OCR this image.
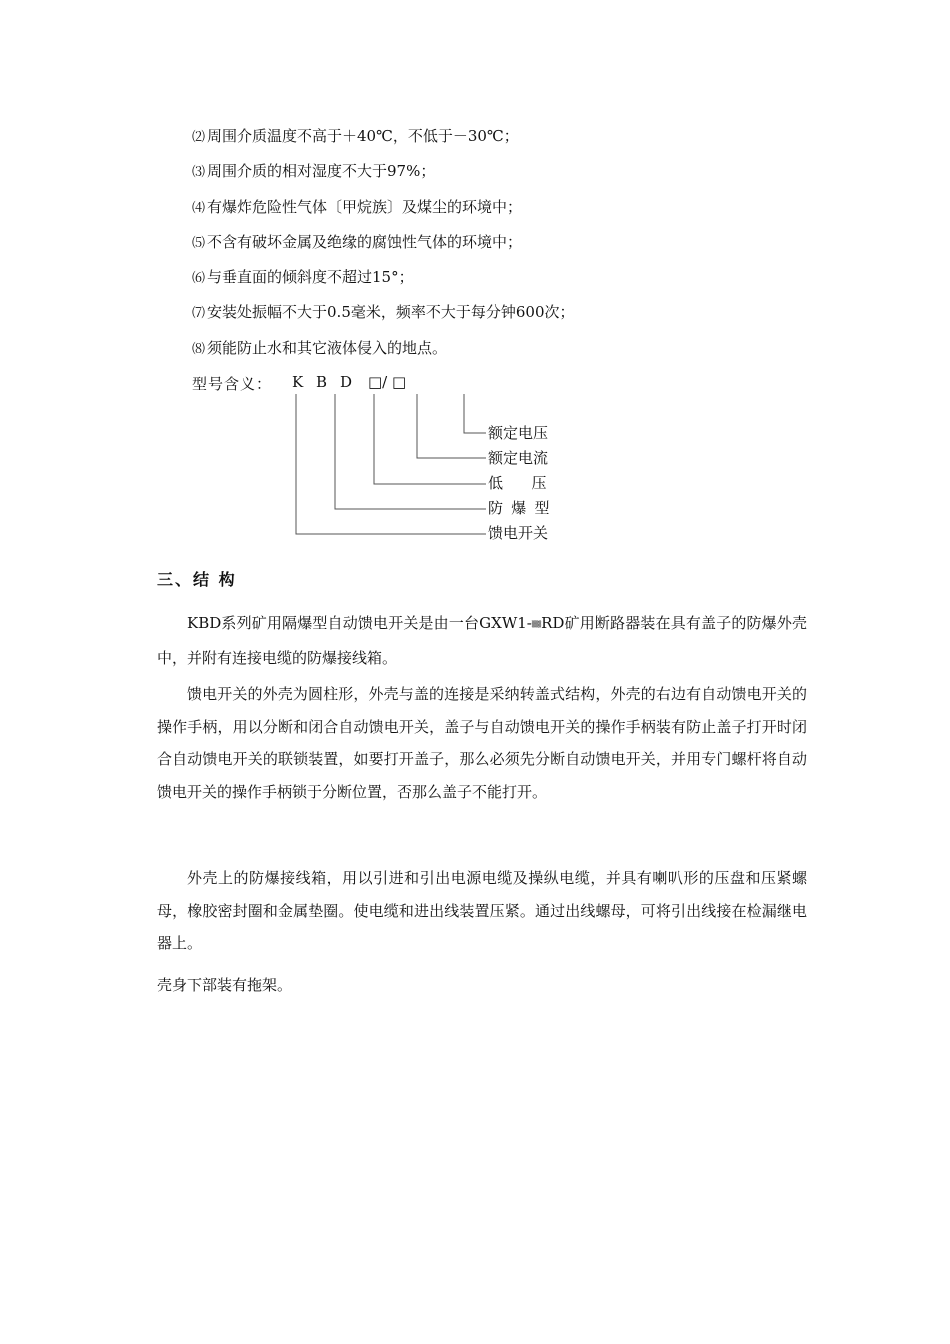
⑵ 周围介质温度不高于＋40℃，不低于－30℃；
⑶ 周围介质的相对湿度不大于97%；
⑷ 有爆炸危险性气体〔甲烷族〕及煤尘的环境中；
⑸ 不含有破坏金属及绝缘的腐蚀性气体的环境中；
⑹ 与垂直面的倾斜度不超过15°；
⑺ 安装处振幅不大于0.5毫米，频率不大于每分钟600次；
⑻ 须能防止水和其它液体侵入的地点。
型号含义： K B D □/ □
额定电压
额定电流
低压
防爆型
馈电开关
三、结 构
KBD系列矿用隔爆型自动馈电开关是由一台GXW1-▒▒RD矿用断路器装在具有盖子的防爆外壳中，并附有连接电缆的防爆接线箱。
馈电开关的外壳为圆柱形，外壳与盖的连接是采纳转盖式结构，外壳的右边有自动馈电开关的操作手柄，用以分断和闭合自动馈电开关，盖子与自动馈电开关的操作手柄装有防止盖子打开时闭合自动馈电开关的联锁装置，如要打开盖子，那么必须先分断自动馈电开关，并用专门螺杆将自动馈电开关的操作手柄锁于分断位置，否那么盖子不能打开。
外壳上的防爆接线箱，用以引进和引出电源电缆及操纵电缆，并具有喇叭形的压盘和压紧螺母，橡胶密封圈和金属垫圈。使电缆和进出线装置压紧。通过出线螺母，可将引出线接在检漏继电器上。
壳身下部装有拖架。
